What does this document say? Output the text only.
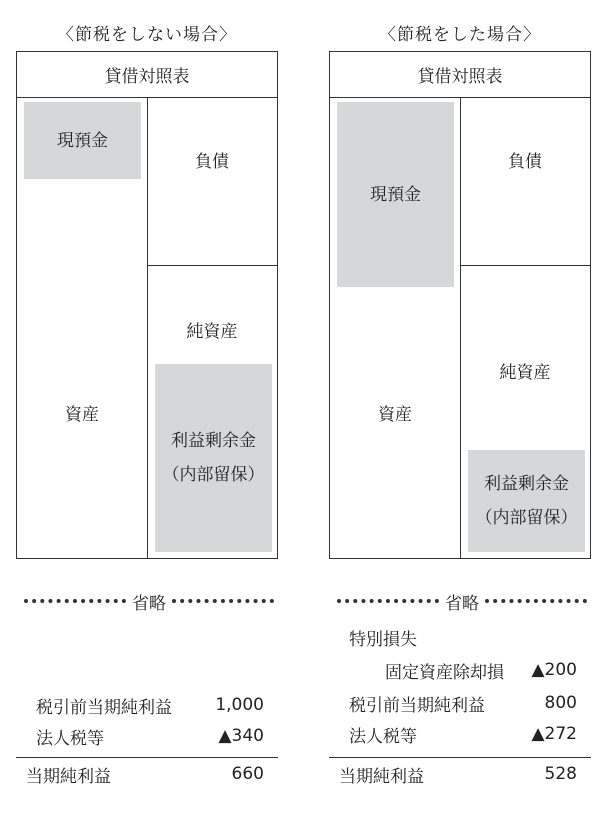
〈節税をしない場合〉
貸借対照表
現預金
資産
負債
純資産
利益剰余金
（内部留保）
省略
税引前当期純利益	1,000
法人税等	▲340
当期純利益	660
〈節税をした場合〉
貸借対照表
現預金
資産
負債
純資産
利益剰余金
（内部留保）
省略
特別損失
固定資産除却損	▲200
税引前当期純利益	800
法人税等	▲272
当期純利益	528
